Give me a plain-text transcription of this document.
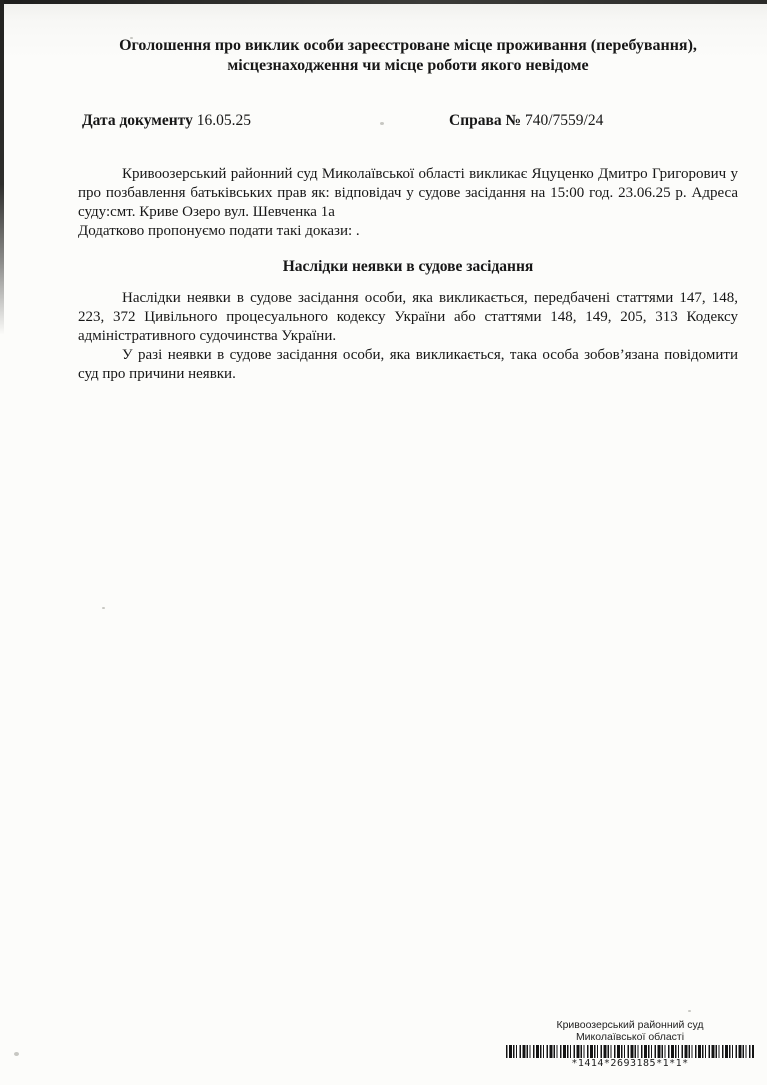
Оголошення про виклик особи зареєстроване місце проживання (перебування),
місцезнаходження чи місце роботи якого невідоме
Дата документу 16.05.25	Справа № 740/7559/24

Кривоозерський районний суд Миколаївської області викликає Яцуценко Дмитро Григорович у про позбавлення батьківських прав як: відповідач у судове засідання на 15:00 год. 23.06.25 р. Адреса суду:смт. Криве Озеро вул. Шевченка 1а

Додатково пропонуємо подати такі докази: .

Наслідки неявки в судове засідання

Наслідки неявки в судове засідання особи, яка викликається, передбачені статтями 147, 148, 223, 372 Цивільного процесуального кодексу України або статтями 148, 149, 205, 313 Кодексу адміністративного судочинства України.

У разі неявки в судове засідання особи, яка викликається, така особа зобов’язана повідомити суд про причини неявки.

Кривоозерський районний суд
Миколаївської області
*1414*2693185*1*1*
